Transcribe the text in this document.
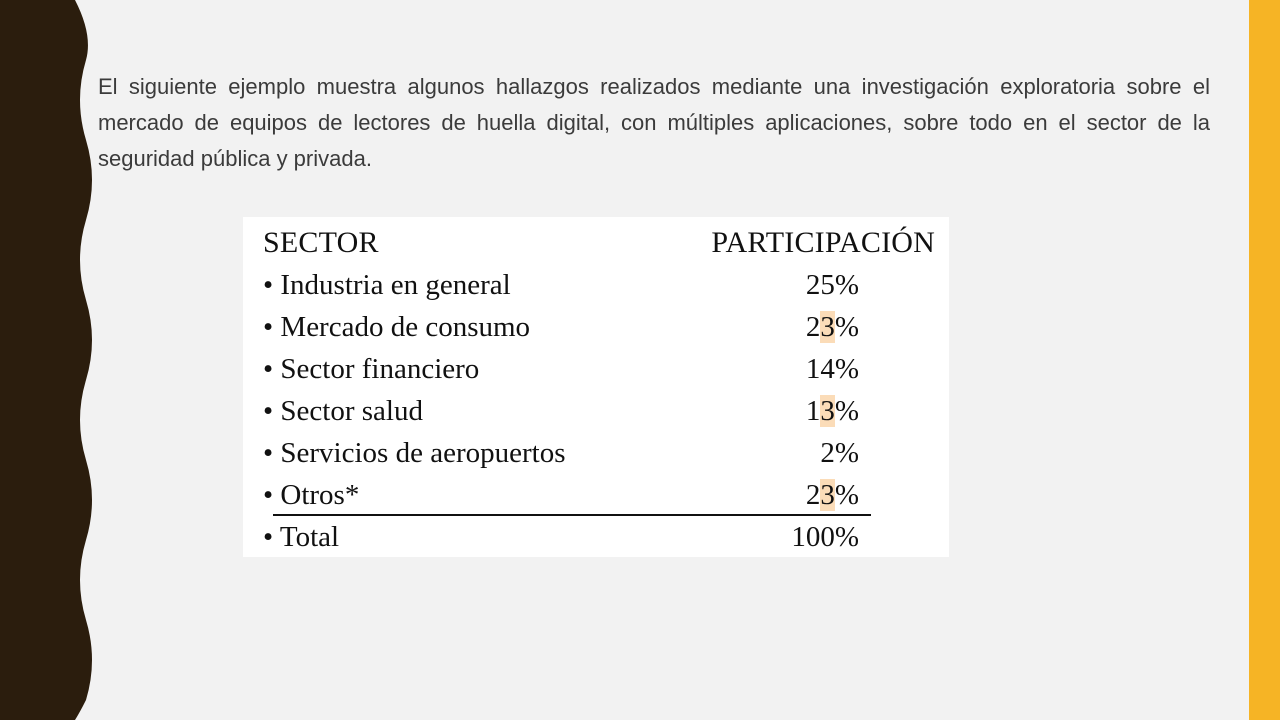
El siguiente ejemplo muestra algunos hallazgos realizados mediante una investigación exploratoria sobre el mercado de equipos de lectores de huella digital, con múltiples aplicaciones, sobre todo en el sector de la seguridad pública y privada.

SECTOR	PARTICIPACIÓN
• Industria en general	25%
• Mercado de consumo	23%
• Sector financiero	14%
• Sector salud	13%
• Servicios de aeropuertos	2%
• Otros*	23%
• Total	100%
